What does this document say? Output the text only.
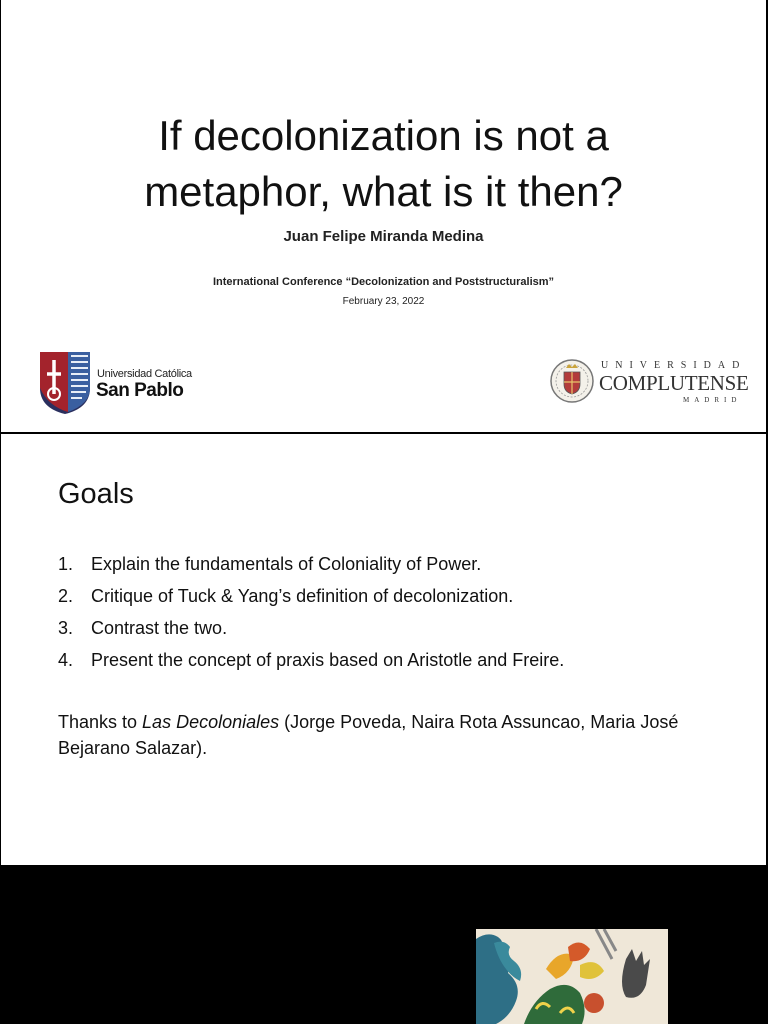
If decolonization is not a
metaphor, what is it then?
Juan Felipe Miranda Medina
International Conference “Decolonization and Poststructuralism”
February 23, 2022
Universidad Católica
San Pablo
UNIVERSIDAD
COMPLUTENSE
MADRID
Goals
1. Explain the fundamentals of Coloniality of Power.
2. Critique of Tuck & Yang’s definition of decolonization.
3. Contrast the two.
4. Present the concept of praxis based on Aristotle and Freire.
Thanks to Las Decoloniales (Jorge Poveda, Naira Rota Assuncao, Maria José Bejarano Salazar).
